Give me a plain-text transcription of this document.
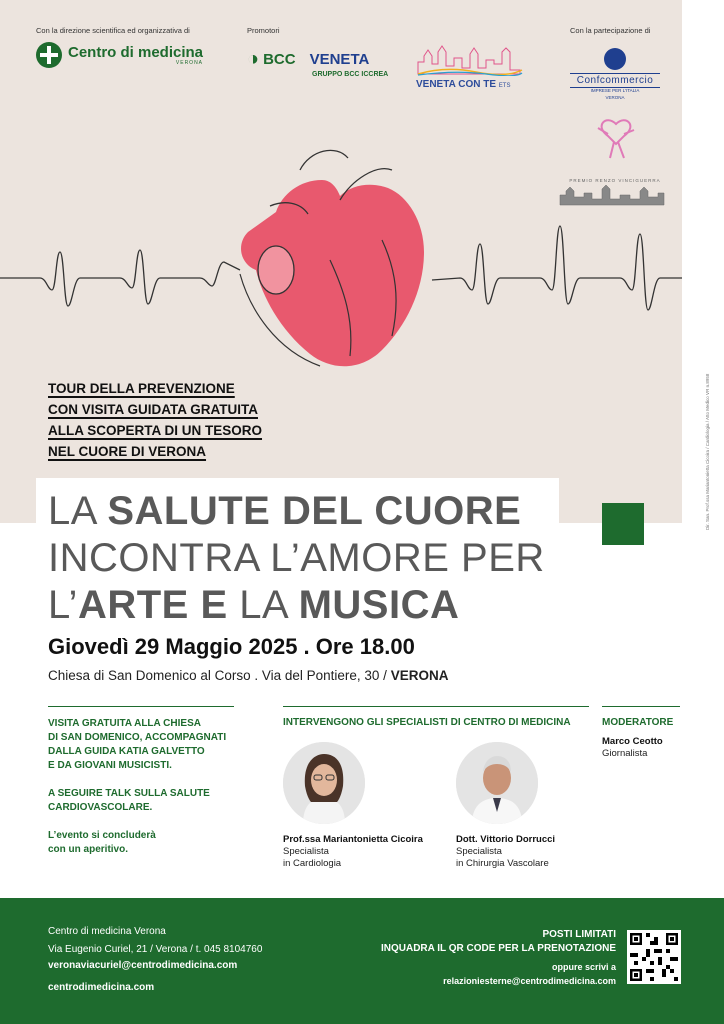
Dir. San. Prof.ssa Mariantonietta Cicoira / Cardiologia / Atto Medico VR n.8958
Con la direzione scientifica ed organizzativa di	Promotori	Con la partecipazione di
Centro di medicina
VERONA ◑ BCC VENETA
GRUPPO BCC ICCREA
VENETA CON TE ETS	Confcommercio
IMPRESE PER L'ITALIA
VERONA
PREMIO RENZO VINCIGUERRA
TOUR DELLA PREVENZIONE
CON VISITA GUIDATA GRATUITA
ALLA SCOPERTA DI UN TESORO
NEL CUORE DI VERONA
LA SALUTE DEL CUORE
INCONTRA L’AMORE PER
L’ARTE E LA MUSICA
Giovedì 29 Maggio 2025 . Ore 18.00
Chiesa di San Domenico al Corso . Via del Pontiere, 30 / VERONA

VISITA GRATUITA ALLA CHIESA
DI SAN DOMENICO, ACCOMPAGNATI
DALLA GUIDA KATIA GALVETTO
E DA GIOVANI MUSICISTI.

A SEGUIRE TALK SULLA SALUTE
CARDIOVASCOLARE.

L’evento si concluderà
con un aperitivo.

INTERVENGONO GLI SPECIALISTI DI CENTRO DI MEDICINA
Prof.ssa Mariantonietta Cicoira
Specialista
in Cardiologia
Dott. Vittorio Dorrucci
Specialista
in Chirurgia Vascolare
MODERATORE
Marco Ceotto
Giornalista
Centro di medicina Verona
Via Eugenio Curiel, 21 / Verona / t. 045 8104760
veronaviacuriel@centrodimedicina.com
centrodimedicina.com
POSTI LIMITATI
INQUADRA IL QR CODE PER LA PRENOTAZIONE
oppure scrivi a
relazioniesterne@centrodimedicina.com
